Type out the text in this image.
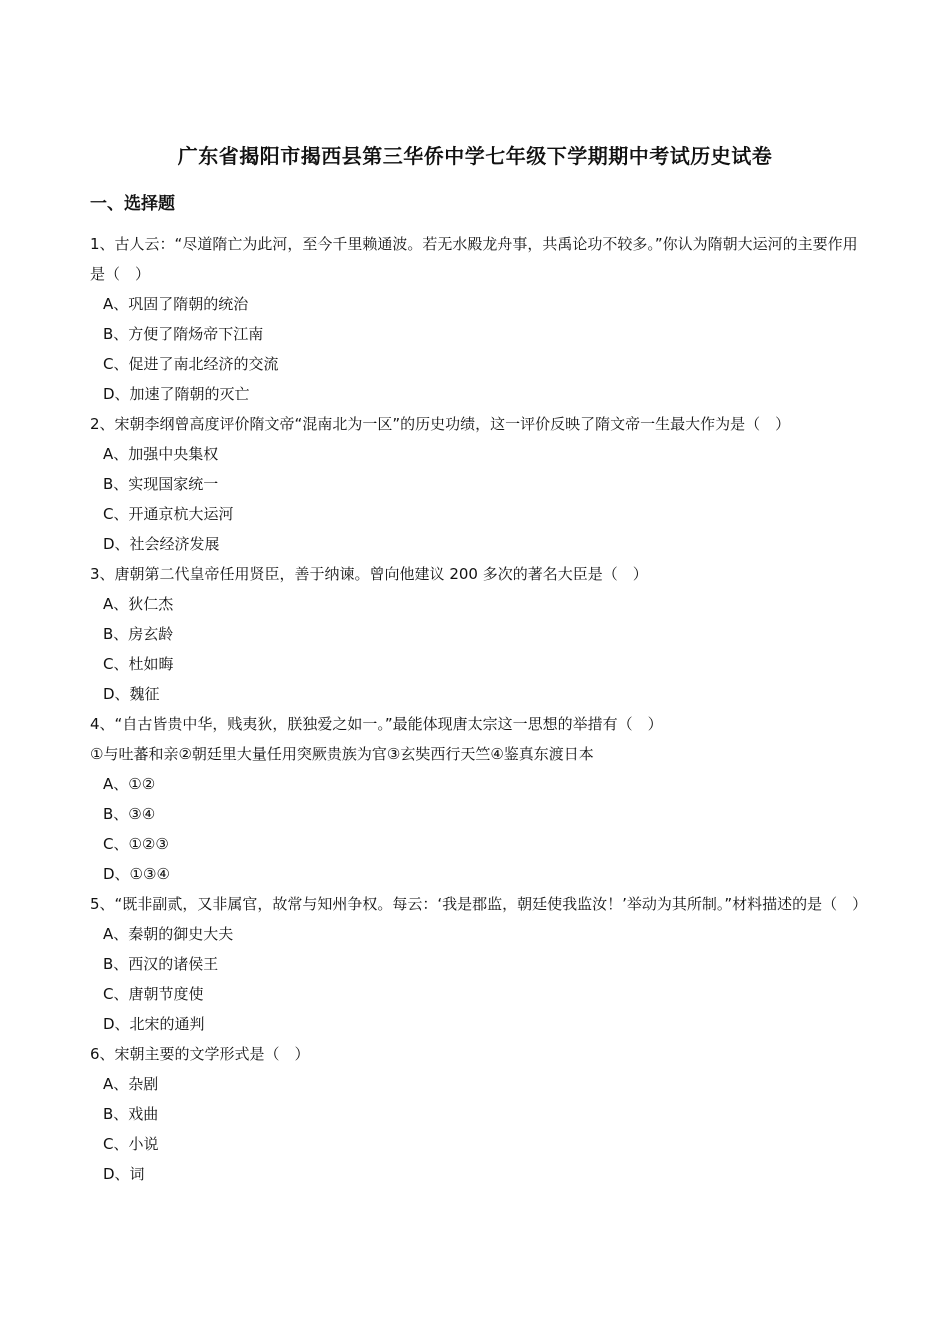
广东省揭阳市揭西县第三华侨中学七年级下学期期中考试历史试卷
一、选择题

1、古人云：“尽道隋亡为此河，至今千里赖通波。若无水殿龙舟事，共禹论功不较多。”你认为隋朝大运河的主要作用是（　）

A、巩固了隋朝的统治

B、方便了隋炀帝下江南

C、促进了南北经济的交流

D、加速了隋朝的灭亡

2、宋朝李纲曾高度评价隋文帝“混南北为一区”的历史功绩，这一评价反映了隋文帝一生最大作为是（　）

A、加强中央集权

B、实现国家统一

C、开通京杭大运河

D、社会经济发展

3、唐朝第二代皇帝任用贤臣，善于纳谏。曾向他建议 200 多次的著名大臣是（　）

A、狄仁杰

B、房玄龄

C、杜如晦

D、魏征

4、“自古皆贵中华，贱夷狄，朕独爱之如一。”最能体现唐太宗这一思想的举措有（　）

①与吐蕃和亲②朝廷里大量任用突厥贵族为官③玄奘西行天竺④鉴真东渡日本

A、①②

B、③④

C、①②③

D、①③④

5、“既非副贰，又非属官，故常与知州争权。每云：‘我是郡监，朝廷使我监汝！’举动为其所制。”材料描述的是（　）

A、秦朝的御史大夫

B、西汉的诸侯王

C、唐朝节度使

D、北宋的通判

6、宋朝主要的文学形式是（　）

A、杂剧

B、戏曲

C、小说

D、词
